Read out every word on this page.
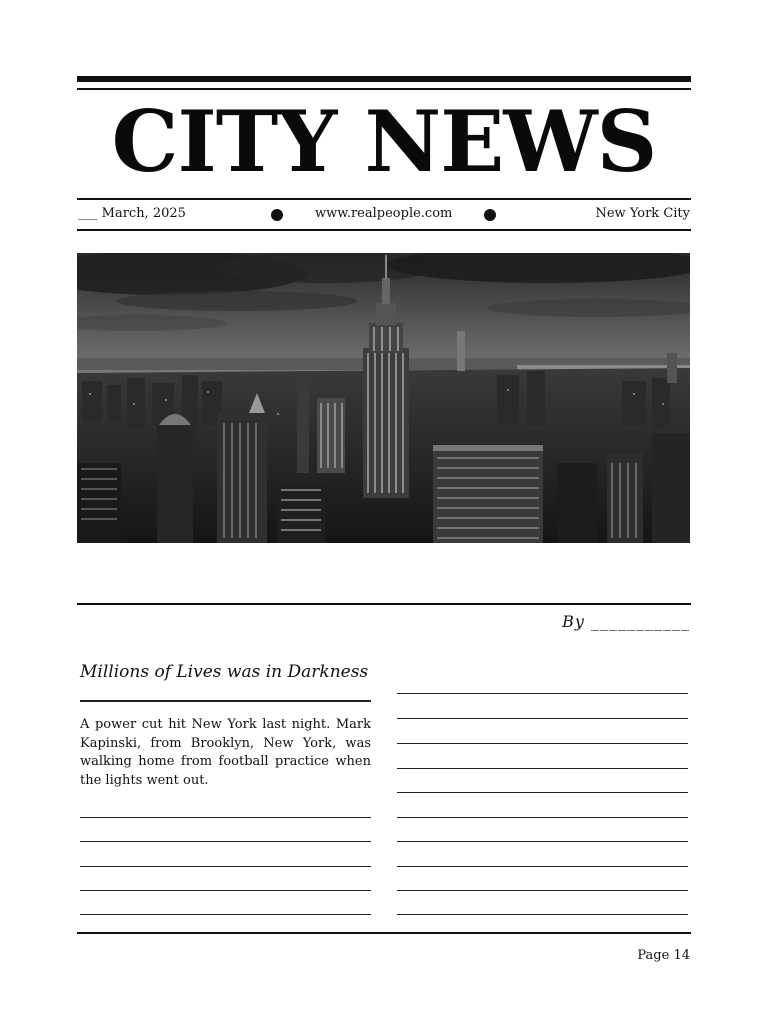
CITY NEWS
___ March, 2025	www.realpeople.com	New York City
By ___________
Millions of Lives was in Darkness
A power cut hit New York last night. Mark Kapinski, from Brooklyn, New York, was walking home from football practice when the lights went out.
Page 14
